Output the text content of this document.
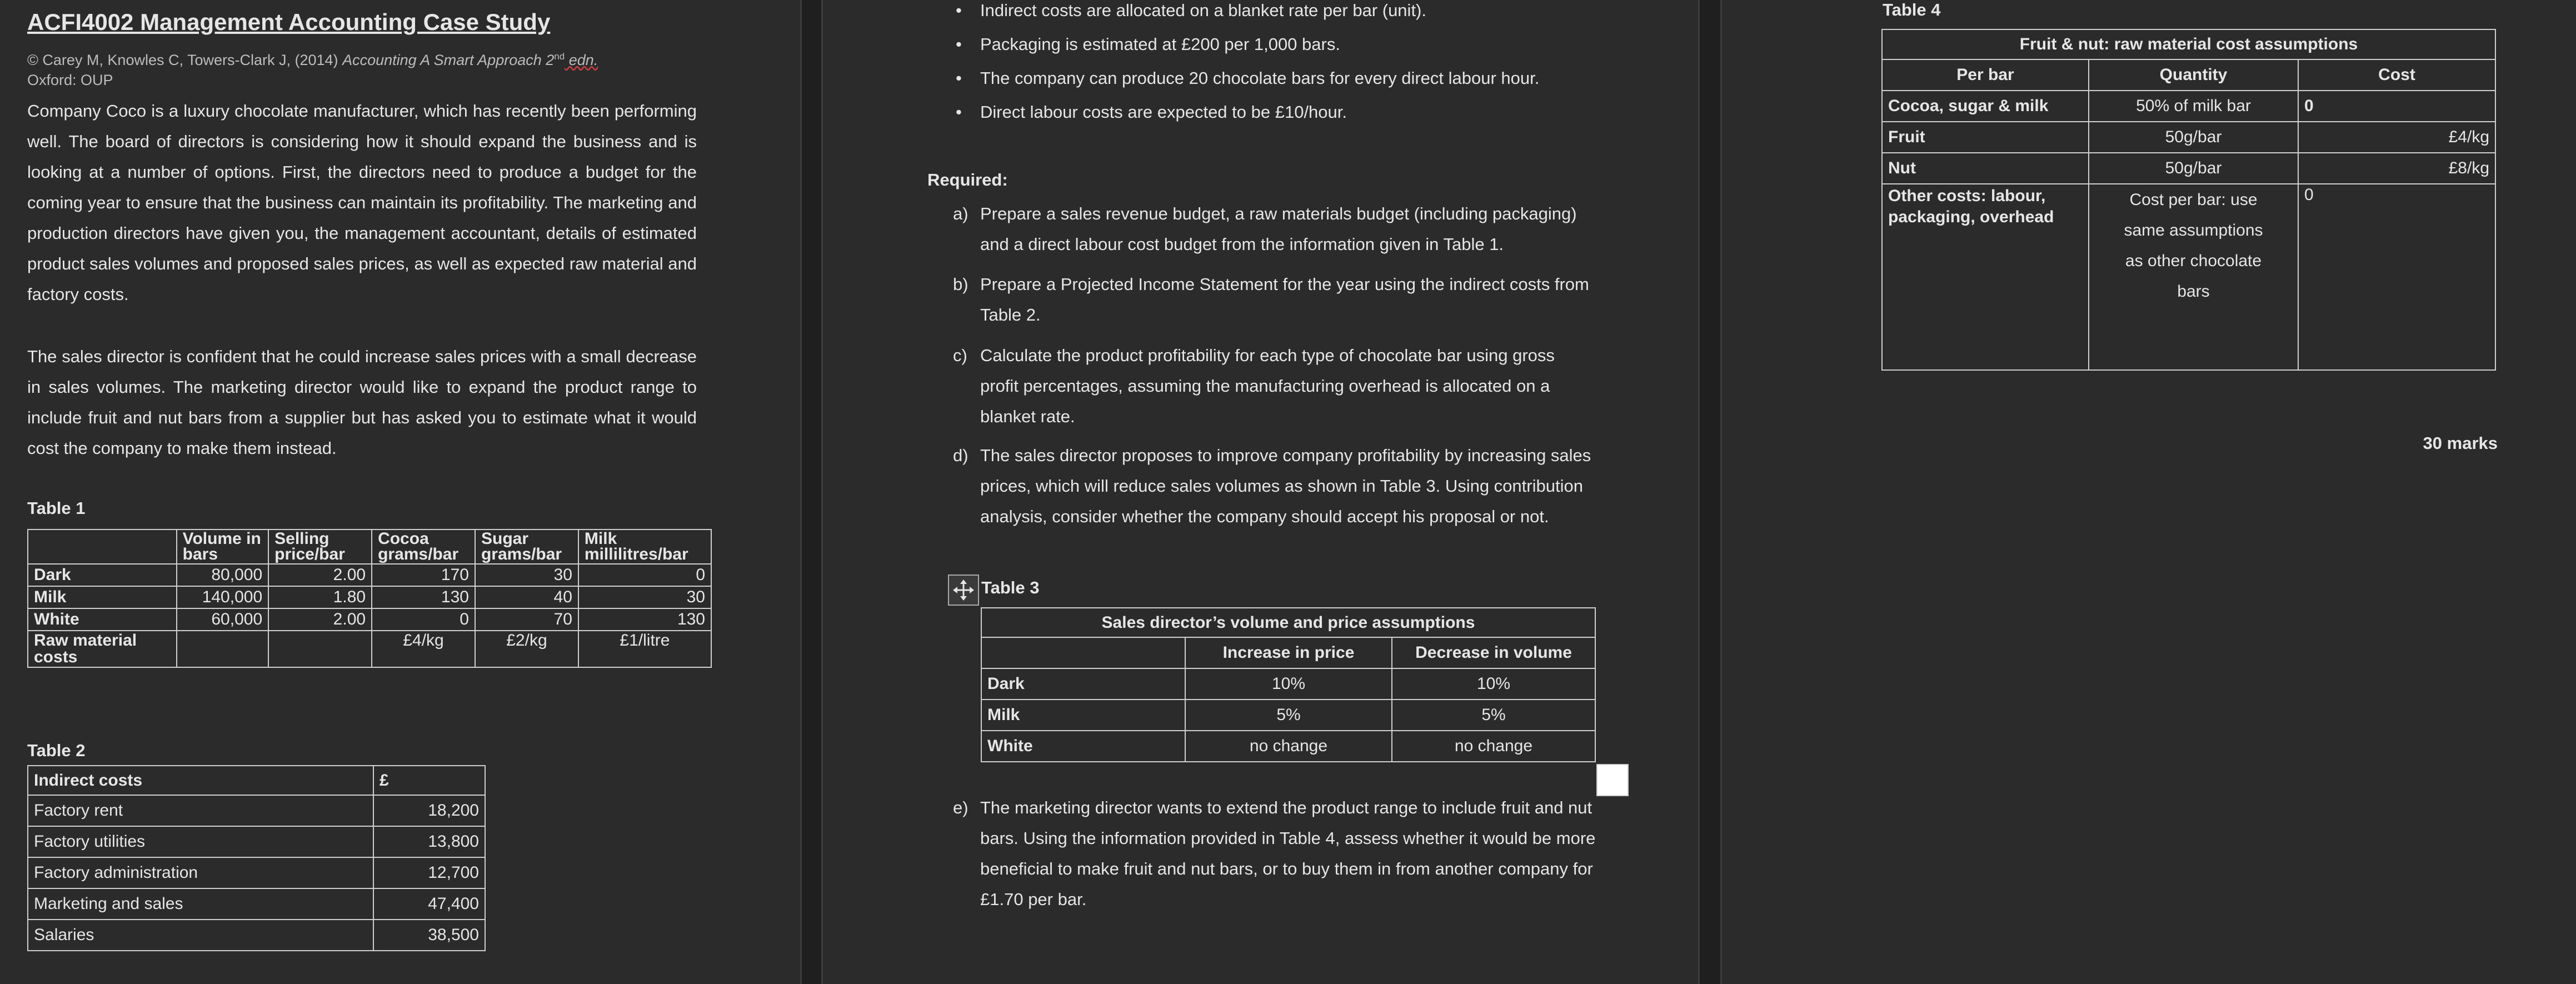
ACFI4002 Management Accounting Case Study
© Carey M, Knowles C, Towers-Clark J, (2014) Accounting A Smart Approach 2nd edn.
Oxford: OUP

Company Coco is a luxury chocolate manufacturer, which has recently been performing well. The board of directors is considering how it should expand the business and is looking at a number of options. First, the directors need to produce a budget for the coming year to ensure that the business can maintain its profitability. The marketing and production directors have given you, the management accountant, details of estimated product sales volumes and proposed sales prices, as well as expected raw material and factory costs.

The sales director is confident that he could increase sales prices with a small decrease in sales volumes. The marketing director would like to expand the product range to include fruit and nut bars from a supplier but has asked you to estimate what it would cost the company to make them instead.

Table 1
	Volume in bars	Selling price/bar	Cocoa grams/bar	Sugar grams/bar	Milk millilitres/bar
Dark	80,000	2.00	170	30	0
Milk	140,000	1.80	130	40	30
White	60,000	2.00	0	70	130
Raw material costs			£4/kg	£2/kg	£1/litre
Table 2
Indirect costs	£
Factory rent	18,200
Factory utilities	13,800
Factory administration	12,700
Marketing and sales	47,400
Salaries	38,500
• Indirect costs are allocated on a blanket rate per bar (unit).
• Packaging is estimated at £200 per 1,000 bars.
• The company can produce 20 chocolate bars for every direct labour hour.
• Direct labour costs are expected to be £10/hour.
Required:
a) Prepare a sales revenue budget, a raw materials budget (including packaging) and a direct labour cost budget from the information given in Table 1.
b) Prepare a Projected Income Statement for the year using the indirect costs from Table 2.
c) Calculate the product profitability for each type of chocolate bar using gross profit percentages, assuming the manufacturing overhead is allocated on a blanket rate.
d) The sales director proposes to improve company profitability by increasing sales prices, which will reduce sales volumes as shown in Table 3. Using contribution analysis, consider whether the company should accept his proposal or not.
Table 3
Sales director’s volume and price assumptions		
	Increase in price	Decrease in volume
Dark	10%	10%
Milk	5%	5%
White	no change	no change
e) The marketing director wants to extend the product range to include fruit and nut bars. Using the information provided in Table 4, assess whether it would be more beneficial to make fruit and nut bars, or to buy them in from another company for £1.70 per bar.
Table 4
Fruit & nut: raw material cost assumptions		
Per bar	Quantity	Cost
Cocoa, sugar & milk	50% of milk bar	0
Fruit	50g/bar	£4/kg
Nut	50g/bar	£8/kg
Other costs: labour, packaging, overhead	Cost per bar: use same assumptions as other chocolate bars	0
30 marks
